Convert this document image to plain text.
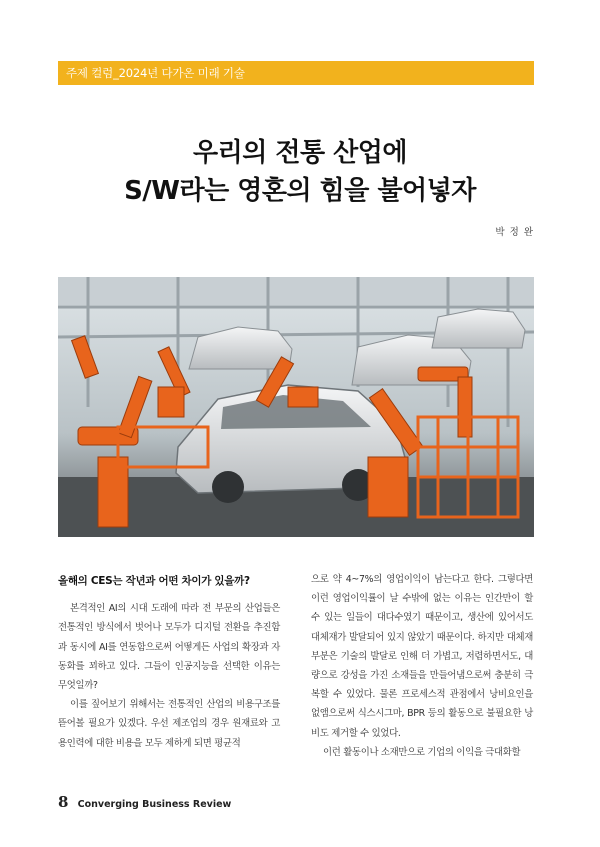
주제 컬럼_2024년 다가온 미래 기술
우리의 전통 산업에
S/W라는 영혼의 힘을 불어넣자
박 정 완
올해의 CES는 작년과 어떤 차이가 있을까?

본격적인 AI의 시대 도래에 따라 전 부문의 산업들은 전통적인 방식에서 벗어나 모두가 디지털 전환을 추진함과 동시에 AI를 연동함으로써 어떻게든 사업의 확장과 자동화를 꾀하고 있다. 그들이 인공지능을 선택한 이유는 무엇일까?

이를 짚어보기 위해서는 전통적인 산업의 비용구조를 뜯어볼 필요가 있겠다. 우선 제조업의 경우 원재료와 고용인력에 대한 비용을 모두 제하게 되면 평균적

으로 약 4~7%의 영업이익이 남는다고 한다. 그렇다면 이런 영업이익률이 날 수밖에 없는 이유는 인간만이 할 수 있는 일들이 대다수였기 때문이고, 생산에 있어서도 대체재가 발달되어 있지 않았기 때문이다. 하지만 대체재 부분은 기술의 발달로 인해 더 가볍고, 저렴하면서도, 대량으로 강성을 가진 소재들을 만들어냄으로써 충분히 극복할 수 있었다. 물론 프로세스적 관점에서 낭비요인을 없앰으로써 식스시그마, BPR 등의 활동으로 불필요한 낭비도 제거할 수 있었다.

이런 활동이나 소재만으로 기업의 이익을 극대화할

8 Converging Business Review
